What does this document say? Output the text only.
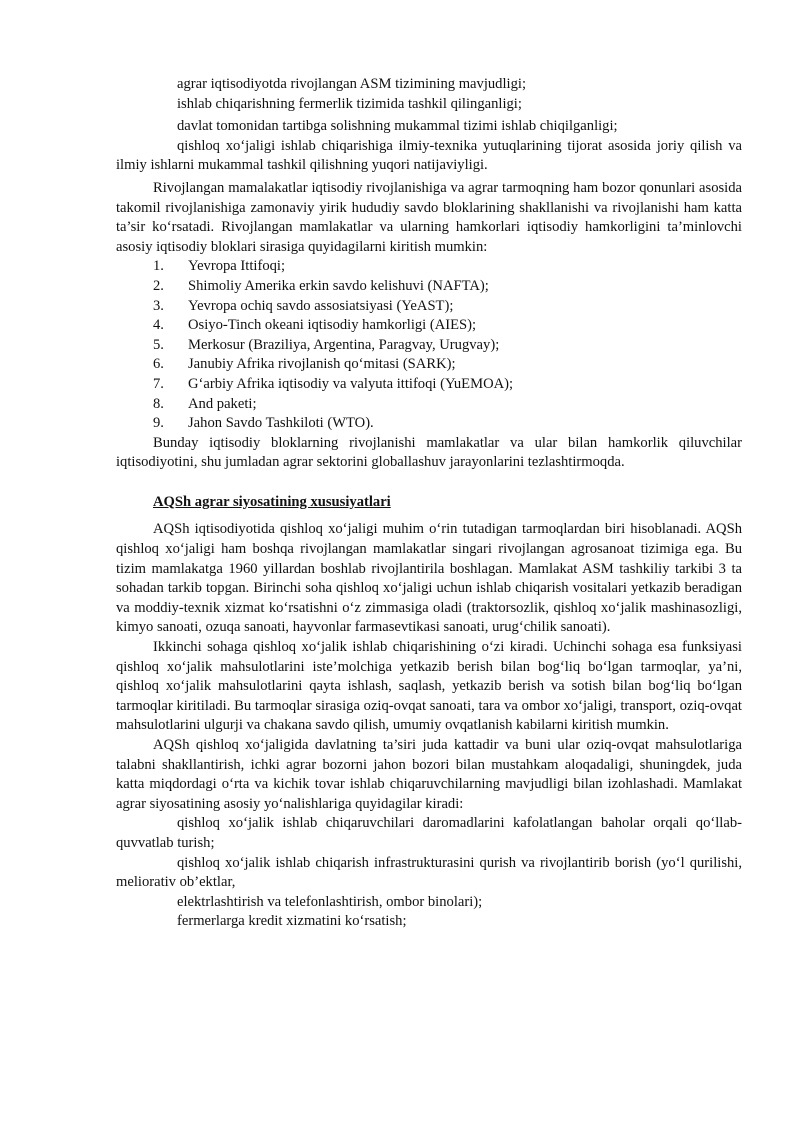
agrar iqtisodiyotda rivojlangan ASM tizimining mavjudligi;

ishlab chiqarishning fermerlik tizimida tashkil qilinganligi;

davlat tomonidan tartibga solishning mukammal tizimi ishlab chiqilganligi;

qishloq xo‘jaligi ishlab chiqarishiga ilmiy-texnika yutuqlarining tijorat asosida joriy qilish va ilmiy ishlarni mukammal tashkil qilishning yuqori natijaviyligi.

Rivojlangan mamalakatlar iqtisodiy rivojlanishiga va agrar tarmoqning ham bozor qonunlari asosida takomil rivojlanishiga zamonaviy yirik hududiy savdo bloklarining shakllanishi va rivojlanishi ham katta ta’sir ko‘rsatadi. Rivojlangan mamlakatlar va ularning hamkorlari iqtisodiy hamkorligini ta’minlovchi asosiy iqtisodiy bloklari sirasiga quyidagilarni kiritish mumkin:

1. Yevropa Ittifoqi;
2. Shimoliy Amerika erkin savdo kelishuvi (NAFTA);
3. Yevropa ochiq savdo assosiatsiyasi (YeAST);
4. Osiyo-Tinch okeani iqtisodiy hamkorligi (AIES);
5. Merkosur (Braziliya, Argentina, Paragvay, Urugvay);
6. Janubiy Afrika rivojlanish qo‘mitasi (SARK);
7. G‘arbiy Afrika iqtisodiy va valyuta ittifoqi (YuEMOA);
8. And paketi;
9. Jahon Savdo Tashkiloti (WTO).

Bunday iqtisodiy bloklarning rivojlanishi mamlakatlar va ular bilan hamkorlik qiluvchilar iqtisodiyotini, shu jumladan agrar sektorini globallashuv jarayonlarini tezlashtirmoqda.

AQSh agrar siyosatining xususiyatlari

AQSh iqtisodiyotida qishloq xo‘jaligi muhim o‘rin tutadigan tarmoqlardan biri hisoblanadi. AQSh qishloq xo‘jaligi ham boshqa rivojlangan mamlakatlar singari rivojlangan agrosanoat tizimiga ega. Bu tizim mamlakatga 1960 yillardan boshlab rivojlantirila boshlagan. Mamlakat ASM tashkiliy tarkibi 3 ta sohadan tarkib topgan. Birinchi soha qishloq xo‘jaligi uchun ishlab chiqarish vositalari yetkazib beradigan va moddiy-texnik xizmat ko‘rsatishni o‘z zimmasiga oladi (traktorsozlik, qishloq xo‘jalik mashinasozligi, kimyo sanoati, ozuqa sanoati, hayvonlar farmasevtikasi sanoati, urug‘chilik sanoati).

Ikkinchi sohaga qishloq xo‘jalik ishlab chiqarishining o‘zi kiradi. Uchinchi sohaga esa funksiyasi qishloq xo‘jalik mahsulotlarini iste’molchiga yetkazib berish bilan bog‘liq bo‘lgan tarmoqlar, ya’ni, qishloq xo‘jalik mahsulotlarini qayta ishlash, saqlash, yetkazib berish va sotish bilan bog‘liq bo‘lgan tarmoqlar kiritiladi. Bu tarmoqlar sirasiga oziq-ovqat sanoati, tara va ombor xo‘jaligi, transport, oziq-ovqat mahsulotlarini ulgurji va chakana savdo qilish, umumiy ovqatlanish kabilarni kiritish mumkin.

AQSh qishloq xo‘jaligida davlatning ta’siri juda kattadir va buni ular oziq-ovqat mahsulotlariga talabni shakllantirish, ichki agrar bozorni jahon bozori bilan mustahkam aloqadaligi, shuningdek, juda katta miqdordagi o‘rta va kichik tovar ishlab chiqaruvchilarning mavjudligi bilan izohlashadi. Mamlakat agrar siyosatining asosiy yo‘nalishlariga quyidagilar kiradi:

qishloq xo‘jalik ishlab chiqaruvchilari daromadlarini kafolatlangan baholar orqali qo‘llab- quvvatlab turish;

qishloq xo‘jalik ishlab chiqarish infrastrukturasini qurish va rivojlantirib borish (yo‘l qurilishi, meliorativ ob’ektlar,

elektrlashtirish va telefonlashtirish, ombor binolari);

fermerlarga kredit xizmatini ko‘rsatish;
